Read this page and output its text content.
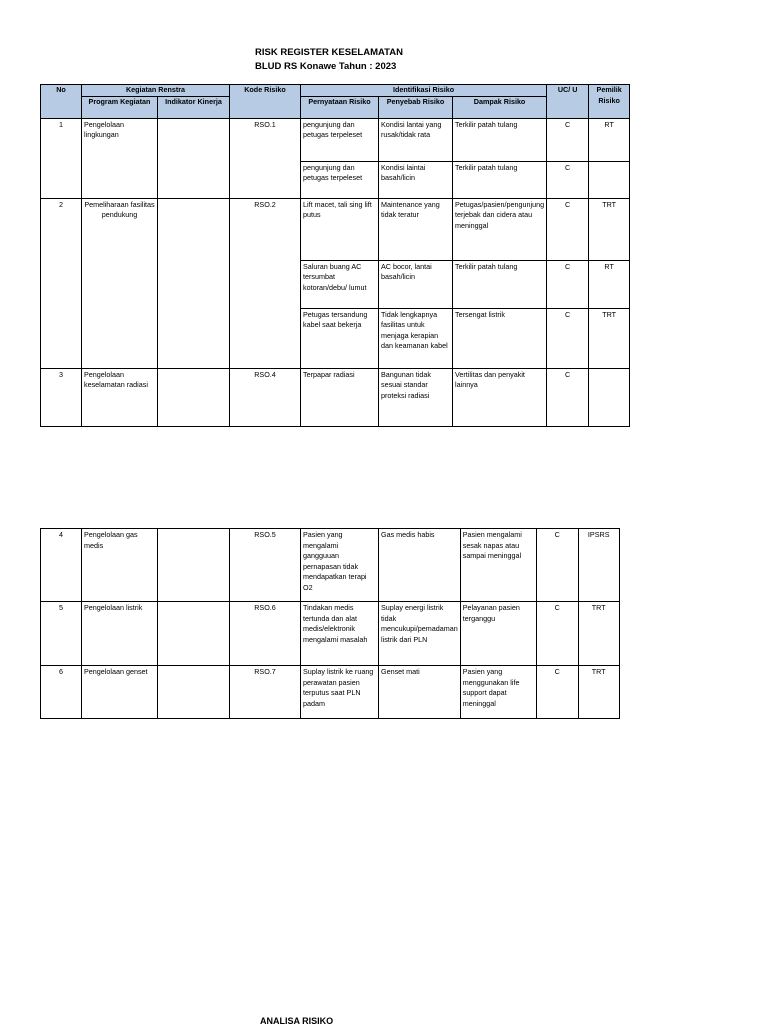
RISK REGISTER KESELAMATAN
BLUD RS Konawe Tahun : 2023
No	Kegiatan Renstra		Kode Risiko	Identifikasi Risiko			UC/ U	Pemilik Risiko
	Program Kegiatan	Indikator Kinerja		Pernyataan Risiko	Penyebab Risiko	Dampak Risiko		
1	Pengelolaan lingkungan		RSO.1	pengunjung dan petugas terpeleset	Kondisi lantai yang rusak/tidak rata	Terkilir patah tulang	C	RT
				pengunjung dan petugas terpeleset	Kondisi laintai basah/licin	Terkilir patah tulang	C	
2	Pemeliharaan fasilitas pendukung		RSO.2	Lift macet, tali sing lift putus	Maintenance yang tidak teratur	Petugas/pasien/pengunjung terjebak dan cidera atau meninggal	C	TRT
				Saluran buang AC tersumbat kotoran/debu/ lumut	AC bocor, lantai basah/licin	Terkilir patah tulang	C	RT
				Petugas tersandung kabel saat bekerja	Tidak lengkapnya fasilitas untuk menjaga kerapian dan keamanan kabel	Tersengat listrik	C	TRT
3	Pengelolaan keselamatan radiasi		RSO.4	Terpapar radiasi	Bangunan tidak sesuai standar proteksi radiasi	Vertilitas dan penyakit lainnya	C	
4	Pengelolaan gas medis		RSO.5	Pasien yang mengalami gangguuan pernapasan tidak mendapatkan terapi O2	Gas medis habis	Pasien mengalami sesak napas atau sampai meninggal	C	IPSRS
5	Pengelolaan listrik		RSO.6	Tindakan medis tertunda dan alat medis/elektronik mengalami masalah	Suplay energi listrik tidak mencukupi/pemadaman listrik dari PLN	Pelayanan pasien terganggu	C	TRT
6	Pengelolaan genset		RSO.7	Suplay listrik ke ruang perawatan pasien terputus saat PLN padam	Genset mati	Pasien yang menggunakan life support dapat meninggal	C	TRT
ANALISA RISIKO
